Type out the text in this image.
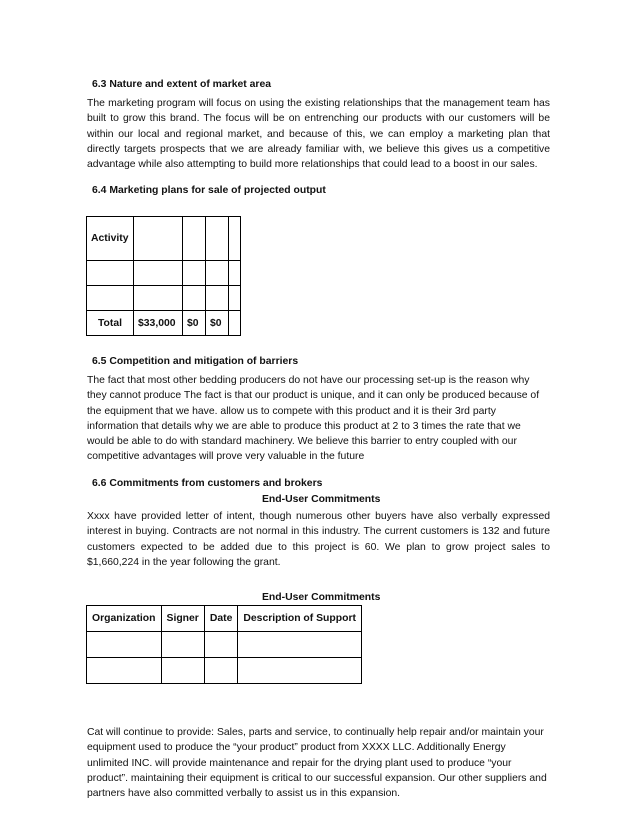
6.3 Nature and extent of market area
The marketing program will focus on using the existing relationships that the management team has built to grow this brand. The focus will be on entrenching our products with our customers will be within our local and regional market, and because of this, we can employ a marketing plan that directly targets prospects that we are already familiar with, we believe this gives us a competitive advantage while also attempting to build more relationships that could lead to a boost in our sales.
6.4 Marketing plans for sale of projected output
Activity				

Total	$33,000	$0	$0	
6.5 Competition and mitigation of barriers
The fact that most other bedding producers do not have our processing set-up is the reason why they cannot produce The fact is that our product is unique, and it can only be produced because of the equipment that we have. allow us to compete with this product and it is their 3rd party information that details why we are able to produce this product at 2 to 3 times the rate that we would be able to do with standard machinery. We believe this barrier to entry coupled with our competitive advantages will prove very valuable in the future
6.6 Commitments from customers and brokers
End-User Commitments
Xxxx have provided letter of intent, though numerous other buyers have also verbally expressed interest in buying. Contracts are not normal in this industry. The current customers is 132 and future customers expected to be added due to this project is 60. We plan to grow project sales to $1,660,224 in the year following the grant.
End-User Commitments
Organization	Signer	Date	Description of Support

Cat will continue to provide: Sales, parts and service, to continually help repair and/or maintain your equipment used to produce the “your product” product from XXXX LLC. Additionally Energy unlimited INC. will provide maintenance and repair for the drying plant used to produce “your product”. maintaining their equipment is critical to our successful expansion. Our other suppliers and partners have also committed verbally to assist us in this expansion.
